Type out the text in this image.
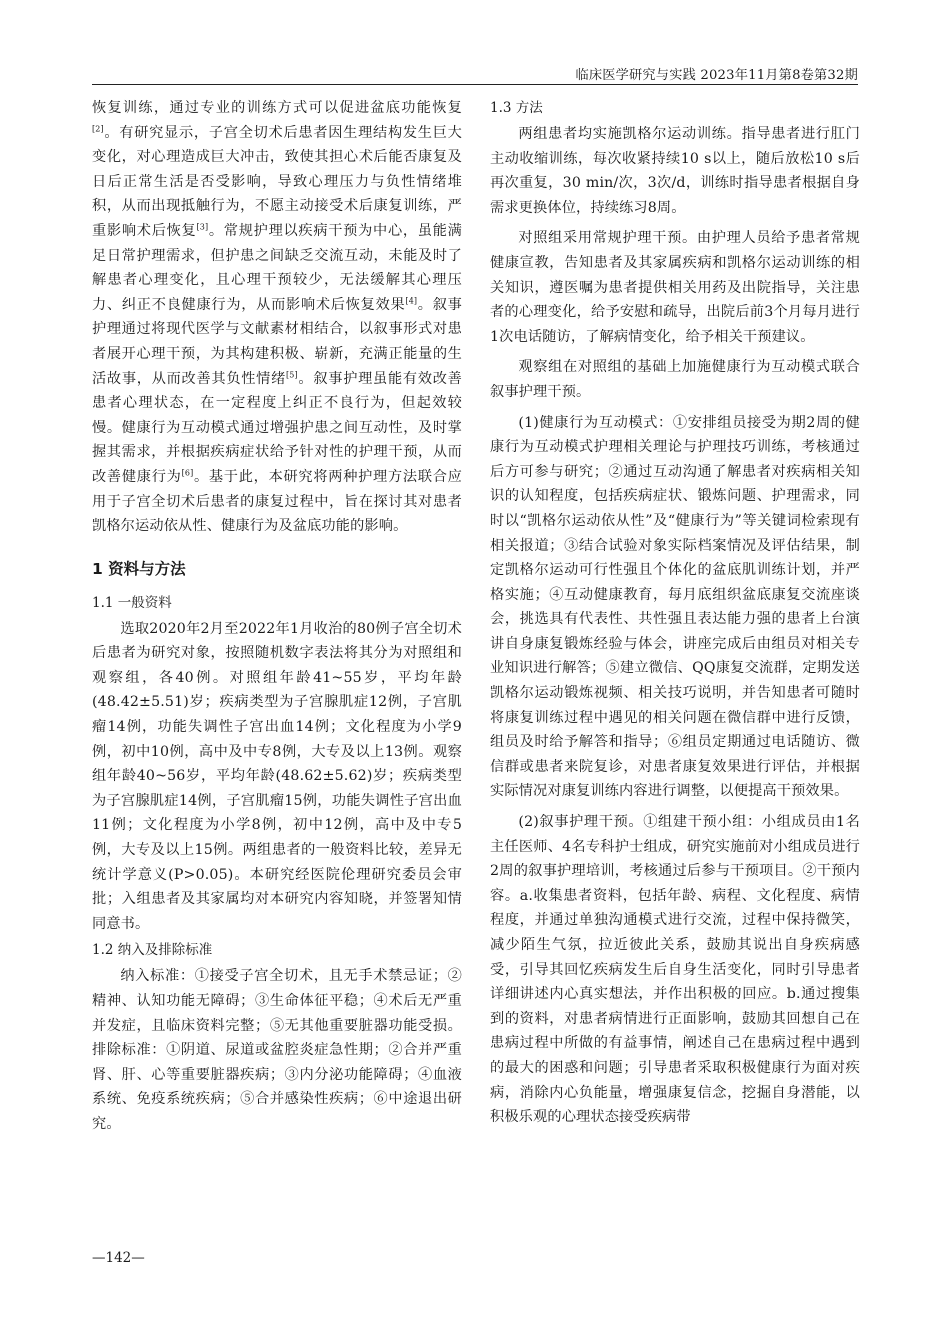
临床医学研究与实践 2023年11月第8卷第32期

恢复训练，通过专业的训练方式可以促进盆底功能恢复[2]。有研究显示，子宫全切术后患者因生理结构发生巨大变化，对心理造成巨大冲击，致使其担心术后能否康复及日后正常生活是否受影响，导致心理压力与负性情绪堆积，从而出现抵触行为，不愿主动接受术后康复训练，严重影响术后恢复[3]。常规护理以疾病干预为中心，虽能满足日常护理需求，但护患之间缺乏交流互动，未能及时了解患者心理变化，且心理干预较少，无法缓解其心理压力、纠正不良健康行为，从而影响术后恢复效果[4]。叙事护理通过将现代医学与文献素材相结合，以叙事形式对患者展开心理干预，为其构建积极、崭新，充满正能量的生活故事，从而改善其负性情绪[5]。叙事护理虽能有效改善患者心理状态，在一定程度上纠正不良行为，但起效较慢。健康行为互动模式通过增强护患之间互动性，及时掌握其需求，并根据疾病症状给予针对性的护理干预，从而改善健康行为[6]。基于此，本研究将两种护理方法联合应用于子宫全切术后患者的康复过程中，旨在探讨其对患者凯格尔运动依从性、健康行为及盆底功能的影响。

1 资料与方法
1.1 一般资料

选取2020年2月至2022年1月收治的80例子宫全切术后患者为研究对象，按照随机数字表法将其分为对照组和观察组，各40例。对照组年龄41~55岁，平均年龄(48.42±5.51)岁；疾病类型为子宫腺肌症12例，子宫肌瘤14例，功能失调性子宫出血14例；文化程度为小学9例，初中10例，高中及中专8例，大专及以上13例。观察组年龄40~56岁，平均年龄(48.62±5.62)岁；疾病类型为子宫腺肌症14例，子宫肌瘤15例，功能失调性子宫出血11例；文化程度为小学8例，初中12例，高中及中专5例，大专及以上15例。两组患者的一般资料比较，差异无统计学意义(P>0.05)。本研究经医院伦理研究委员会审批；入组患者及其家属均对本研究内容知晓，并签署知情同意书。

1.2 纳入及排除标准

纳入标准：①接受子宫全切术，且无手术禁忌证；②精神、认知功能无障碍；③生命体征平稳；④术后无严重并发症，且临床资料完整；⑤无其他重要脏器功能受损。排除标准：①阴道、尿道或盆腔炎症急性期；②合并严重肾、肝、心等重要脏器疾病；③内分泌功能障碍；④血液系统、免疫系统疾病；⑤合并感染性疾病；⑥中途退出研究。

1.3 方法

两组患者均实施凯格尔运动训练。指导患者进行肛门主动收缩训练，每次收紧持续10 s以上，随后放松10 s后再次重复，30 min/次，3次/d，训练时指导患者根据自身需求更换体位，持续练习8周。

对照组采用常规护理干预。由护理人员给予患者常规健康宣教，告知患者及其家属疾病和凯格尔运动训练的相关知识，遵医嘱为患者提供相关用药及出院指导，关注患者的心理变化，给予安慰和疏导，出院后前3个月每月进行1次电话随访，了解病情变化，给予相关干预建议。

观察组在对照组的基础上加施健康行为互动模式联合叙事护理干预。

(1)健康行为互动模式：①安排组员接受为期2周的健康行为互动模式护理相关理论与护理技巧训练，考核通过后方可参与研究；②通过互动沟通了解患者对疾病相关知识的认知程度，包括疾病症状、锻炼问题、护理需求，同时以“凯格尔运动依从性”及“健康行为”等关键词检索现有相关报道；③结合试验对象实际档案情况及评估结果，制定凯格尔运动可行性强且个体化的盆底肌训练计划，并严格实施；④互动健康教育，每月底组织盆底康复交流座谈会，挑选具有代表性、共性强且表达能力强的患者上台演讲自身康复锻炼经验与体会，讲座完成后由组员对相关专业知识进行解答；⑤建立微信、QQ康复交流群，定期发送凯格尔运动锻炼视频、相关技巧说明，并告知患者可随时将康复训练过程中遇见的相关问题在微信群中进行反馈，组员及时给予解答和指导；⑥组员定期通过电话随访、微信群或患者来院复诊，对患者康复效果进行评估，并根据实际情况对康复训练内容进行调整，以便提高干预效果。

(2)叙事护理干预。①组建干预小组：小组成员由1名主任医师、4名专科护士组成，研究实施前对小组成员进行2周的叙事护理培训，考核通过后参与干预项目。②干预内容。a.收集患者资料，包括年龄、病程、文化程度、病情程度，并通过单独沟通模式进行交流，过程中保持微笑，减少陌生气氛，拉近彼此关系，鼓励其说出自身疾病感受，引导其回忆疾病发生后自身生活变化，同时引导患者详细讲述内心真实想法，并作出积极的回应。b.通过搜集到的资料，对患者病情进行正面影响，鼓励其回想自己在患病过程中所做的有益事情，阐述自己在患病过程中遇到的最大的困惑和问题；引导患者采取积极健康行为面对疾病，消除内心负能量，增强康复信念，挖掘自身潜能，以积极乐观的心理状态接受疾病带

—142—
